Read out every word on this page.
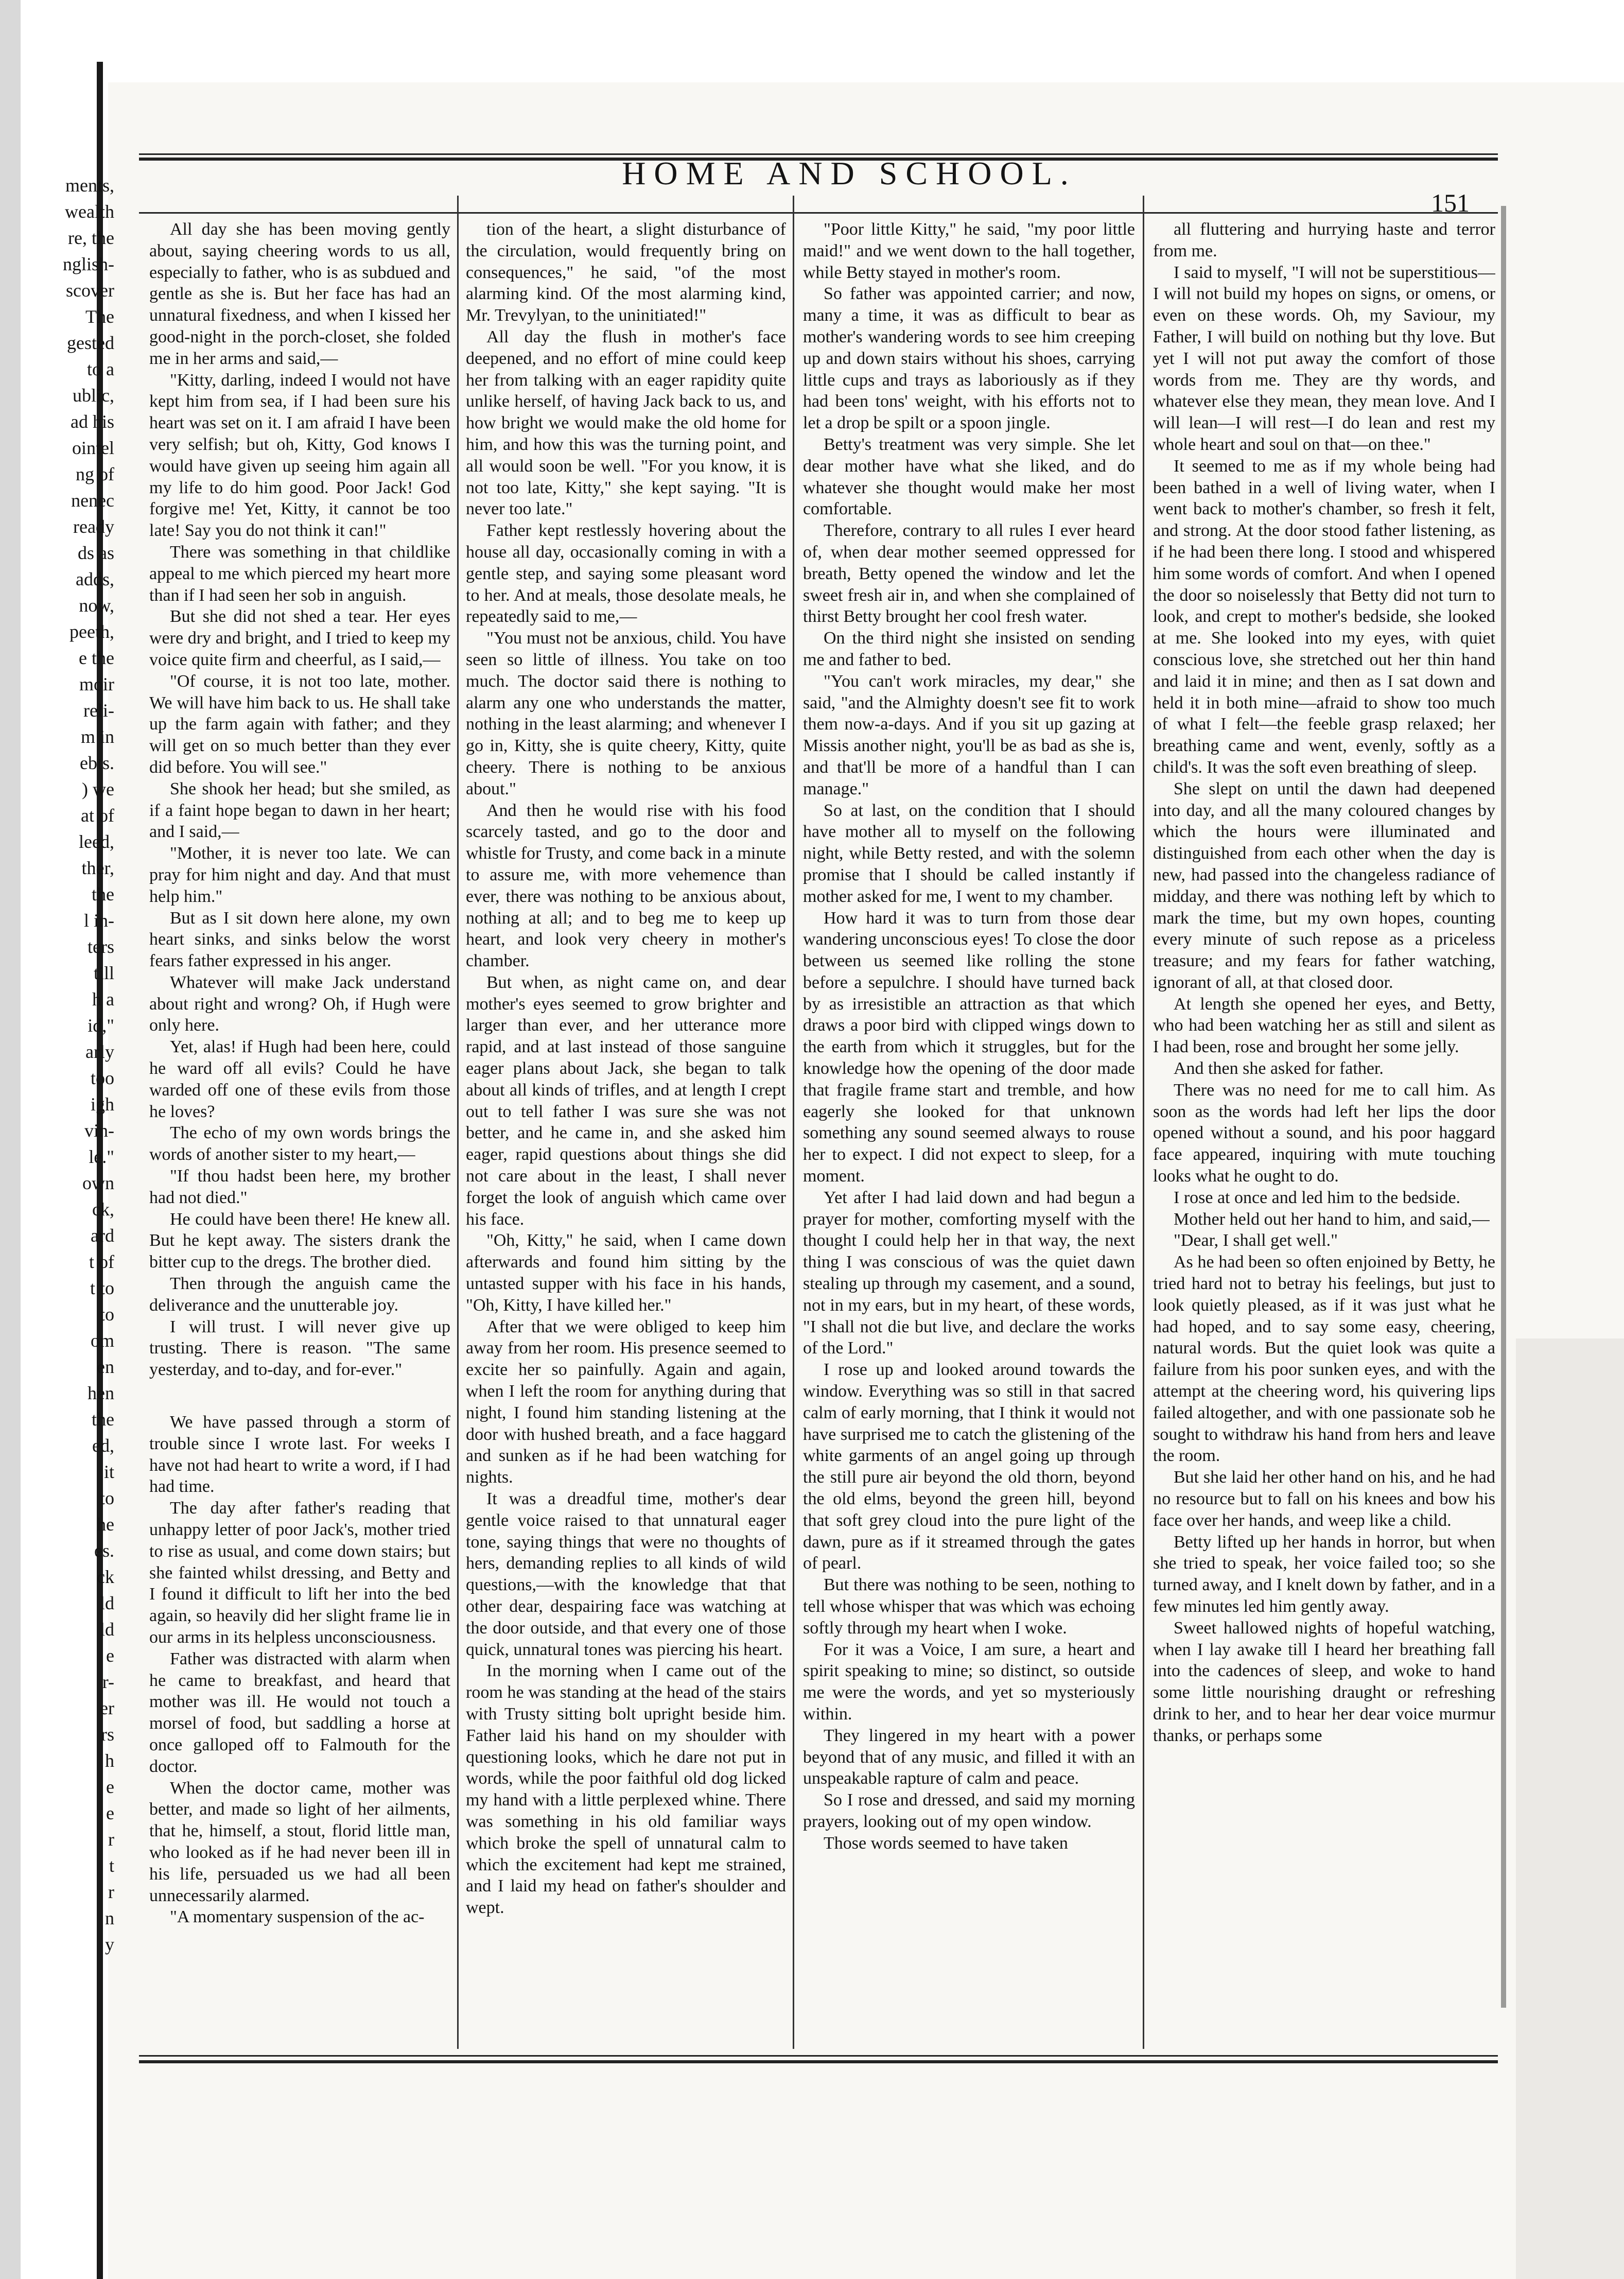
ments,
wealth
re, the
nglish-
scover
The
gested
to a
ublic,
ad his
ointel
ng of
nenec
ready
ds as
adds,
now,
peeth,
e the
moir
reli-
m in
ebts.
) we
at of
leed,
ther,
the
l in-
ters
till
h a
id,"
arly
too
igh
vin-
le."
own
ck,
ard
t of
t to
to
om
en
hen
the
ed,
it
to
he
es.
ck
ld
ld
e
r-
er
rs
h
e
e
r
t
r
n
y
HOME AND SCHOOL.
151

All day she has been moving gently about, saying cheering words to us all, especially to father, who is as subdued and gentle as she is. But her face has had an unnatural fixedness, and when I kissed her good-night in the porch-closet, she folded me in her arms and said,—

"Kitty, darling, indeed I would not have kept him from sea, if I had been sure his heart was set on it. I am afraid I have been very selfish; but oh, Kitty, God knows I would have given up seeing him again all my life to do him good. Poor Jack! God forgive me! Yet, Kitty, it cannot be too late! Say you do not think it can!"

There was something in that childlike appeal to me which pierced my heart more than if I had seen her sob in anguish.

But she did not shed a tear. Her eyes were dry and bright, and I tried to keep my voice quite firm and cheerful, as I said,—

"Of course, it is not too late, mother. We will have him back to us. He shall take up the farm again with father; and they will get on so much better than they ever did before. You will see."

She shook her head; but she smiled, as if a faint hope began to dawn in her heart; and I said,—

"Mother, it is never too late. We can pray for him night and day. And that must help him."

But as I sit down here alone, my own heart sinks, and sinks below the worst fears father expressed in his anger.

Whatever will make Jack understand about right and wrong? Oh, if Hugh were only here.

Yet, alas! if Hugh had been here, could he ward off all evils? Could he have warded off one of these evils from those he loves?

The echo of my own words brings the words of another sister to my heart,—

"If thou hadst been here, my brother had not died."

He could have been there! He knew all. But he kept away. The sisters drank the bitter cup to the dregs. The brother died.

Then through the anguish came the deliverance and the unutterable joy.

I will trust. I will never give up trusting. There is reason. "The same yesterday, and to-day, and for-ever."

We have passed through a storm of trouble since I wrote last. For weeks I have not had heart to write a word, if I had had time.

The day after father's reading that unhappy letter of poor Jack's, mother tried to rise as usual, and come down stairs; but she fainted whilst dressing, and Betty and I found it difficult to lift her into the bed again, so heavily did her slight frame lie in our arms in its helpless unconsciousness.

Father was distracted with alarm when he came to breakfast, and heard that mother was ill. He would not touch a morsel of food, but saddling a horse at once galloped off to Falmouth for the doctor.

When the doctor came, mother was better, and made so light of her ailments, that he, himself, a stout, florid little man, who looked as if he had never been ill in his life, persuaded us we had all been unnecessarily alarmed.

"A momentary suspension of the ac-

tion of the heart, a slight disturbance of the circulation, would frequently bring on consequences," he said, "of the most alarming kind. Of the most alarming kind, Mr. Trevylyan, to the uninitiated!"

All day the flush in mother's face deepened, and no effort of mine could keep her from talking with an eager rapidity quite unlike herself, of having Jack back to us, and how bright we would make the old home for him, and how this was the turning point, and all would soon be well. "For you know, it is not too late, Kitty," she kept saying. "It is never too late."

Father kept restlessly hovering about the house all day, occasionally coming in with a gentle step, and saying some pleasant word to her. And at meals, those desolate meals, he repeatedly said to me,—

"You must not be anxious, child. You have seen so little of illness. You take on too much. The doctor said there is nothing to alarm any one who understands the matter, nothing in the least alarming; and whenever I go in, Kitty, she is quite cheery, Kitty, quite cheery. There is nothing to be anxious about."

And then he would rise with his food scarcely tasted, and go to the door and whistle for Trusty, and come back in a minute to assure me, with more vehemence than ever, there was nothing to be anxious about, nothing at all; and to beg me to keep up heart, and look very cheery in mother's chamber.

But when, as night came on, and dear mother's eyes seemed to grow brighter and larger than ever, and her utterance more rapid, and at last instead of those sanguine eager plans about Jack, she began to talk about all kinds of trifles, and at length I crept out to tell father I was sure she was not better, and he came in, and she asked him eager, rapid questions about things she did not care about in the least, I shall never forget the look of anguish which came over his face.

"Oh, Kitty," he said, when I came down afterwards and found him sitting by the untasted supper with his face in his hands, "Oh, Kitty, I have killed her."

After that we were obliged to keep him away from her room. His presence seemed to excite her so painfully. Again and again, when I left the room for anything during that night, I found him standing listening at the door with hushed breath, and a face haggard and sunken as if he had been watching for nights.

It was a dreadful time, mother's dear gentle voice raised to that unnatural eager tone, saying things that were no thoughts of hers, demanding replies to all kinds of wild questions,—with the knowledge that that other dear, despairing face was watching at the door outside, and that every one of those quick, unnatural tones was piercing his heart.

In the morning when I came out of the room he was standing at the head of the stairs with Trusty sitting bolt upright beside him. Father laid his hand on my shoulder with questioning looks, which he dare not put in words, while the poor faithful old dog licked my hand with a little perplexed whine. There was something in his old familiar ways which broke the spell of unnatural calm to which the excitement had kept me strained, and I laid my head on father's shoulder and wept.

"Poor little Kitty," he said, "my poor little maid!" and we went down to the hall together, while Betty stayed in mother's room.

So father was appointed carrier; and now, many a time, it was as difficult to bear as mother's wandering words to see him creeping up and down stairs without his shoes, carrying little cups and trays as laboriously as if they had been tons' weight, with his efforts not to let a drop be spilt or a spoon jingle.

Betty's treatment was very simple. She let dear mother have what she liked, and do whatever she thought would make her most comfortable.

Therefore, contrary to all rules I ever heard of, when dear mother seemed oppressed for breath, Betty opened the window and let the sweet fresh air in, and when she complained of thirst Betty brought her cool fresh water.

On the third night she insisted on sending me and father to bed.

"You can't work miracles, my dear," she said, "and the Almighty doesn't see fit to work them now-a-days. And if you sit up gazing at Missis another night, you'll be as bad as she is, and that'll be more of a handful than I can manage."

So at last, on the condition that I should have mother all to myself on the following night, while Betty rested, and with the solemn promise that I should be called instantly if mother asked for me, I went to my chamber.

How hard it was to turn from those dear wandering unconscious eyes! To close the door between us seemed like rolling the stone before a sepulchre. I should have turned back by as irresistible an attraction as that which draws a poor bird with clipped wings down to the earth from which it struggles, but for the knowledge how the opening of the door made that fragile frame start and tremble, and how eagerly she looked for that unknown something any sound seemed always to rouse her to expect. I did not expect to sleep, for a moment.

Yet after I had laid down and had begun a prayer for mother, comforting myself with the thought I could help her in that way, the next thing I was conscious of was the quiet dawn stealing up through my casement, and a sound, not in my ears, but in my heart, of these words, "I shall not die but live, and declare the works of the Lord."

I rose up and looked around towards the window. Everything was so still in that sacred calm of early morning, that I think it would not have surprised me to catch the glistening of the white garments of an angel going up through the still pure air beyond the old thorn, beyond the old elms, beyond the green hill, beyond that soft grey cloud into the pure light of the dawn, pure as if it streamed through the gates of pearl.

But there was nothing to be seen, nothing to tell whose whisper that was which was echoing softly through my heart when I woke.

For it was a Voice, I am sure, a heart and spirit speaking to mine; so distinct, so outside me were the words, and yet so mysteriously within.

They lingered in my heart with a power beyond that of any music, and filled it with an unspeakable rapture of calm and peace.

So I rose and dressed, and said my morning prayers, looking out of my open window.

Those words seemed to have taken

all fluttering and hurrying haste and terror from me.

I said to myself, "I will not be superstitious—I will not build my hopes on signs, or omens, or even on these words. Oh, my Saviour, my Father, I will build on nothing but thy love. But yet I will not put away the comfort of those words from me. They are thy words, and whatever else they mean, they mean love. And I will lean—I will rest—I do lean and rest my whole heart and soul on that—on thee."

It seemed to me as if my whole being had been bathed in a well of living water, when I went back to mother's chamber, so fresh it felt, and strong. At the door stood father listening, as if he had been there long. I stood and whispered him some words of comfort. And when I opened the door so noiselessly that Betty did not turn to look, and crept to mother's bedside, she looked at me. She looked into my eyes, with quiet conscious love, she stretched out her thin hand and laid it in mine; and then as I sat down and held it in both mine—afraid to show too much of what I felt—the feeble grasp relaxed; her breathing came and went, evenly, softly as a child's. It was the soft even breathing of sleep.

She slept on until the dawn had deepened into day, and all the many coloured changes by which the hours were illuminated and distinguished from each other when the day is new, had passed into the changeless radiance of midday, and there was nothing left by which to mark the time, but my own hopes, counting every minute of such repose as a priceless treasure; and my fears for father watching, ignorant of all, at that closed door.

At length she opened her eyes, and Betty, who had been watching her as still and silent as I had been, rose and brought her some jelly.

And then she asked for father.

There was no need for me to call him. As soon as the words had left her lips the door opened without a sound, and his poor haggard face appeared, inquiring with mute touching looks what he ought to do.

I rose at once and led him to the bedside.

Mother held out her hand to him, and said,—

"Dear, I shall get well."

As he had been so often enjoined by Betty, he tried hard not to betray his feelings, but just to look quietly pleased, as if it was just what he had hoped, and to say some easy, cheering, natural words. But the quiet look was quite a failure from his poor sunken eyes, and with the attempt at the cheering word, his quivering lips failed altogether, and with one passionate sob he sought to withdraw his hand from hers and leave the room.

But she laid her other hand on his, and he had no resource but to fall on his knees and bow his face over her hands, and weep like a child.

Betty lifted up her hands in horror, but when she tried to speak, her voice failed too; so she turned away, and I knelt down by father, and in a few minutes led him gently away.

Sweet hallowed nights of hopeful watching, when I lay awake till I heard her breathing fall into the cadences of sleep, and woke to hand some little nourishing draught or refreshing drink to her, and to hear her dear voice murmur thanks, or perhaps some
